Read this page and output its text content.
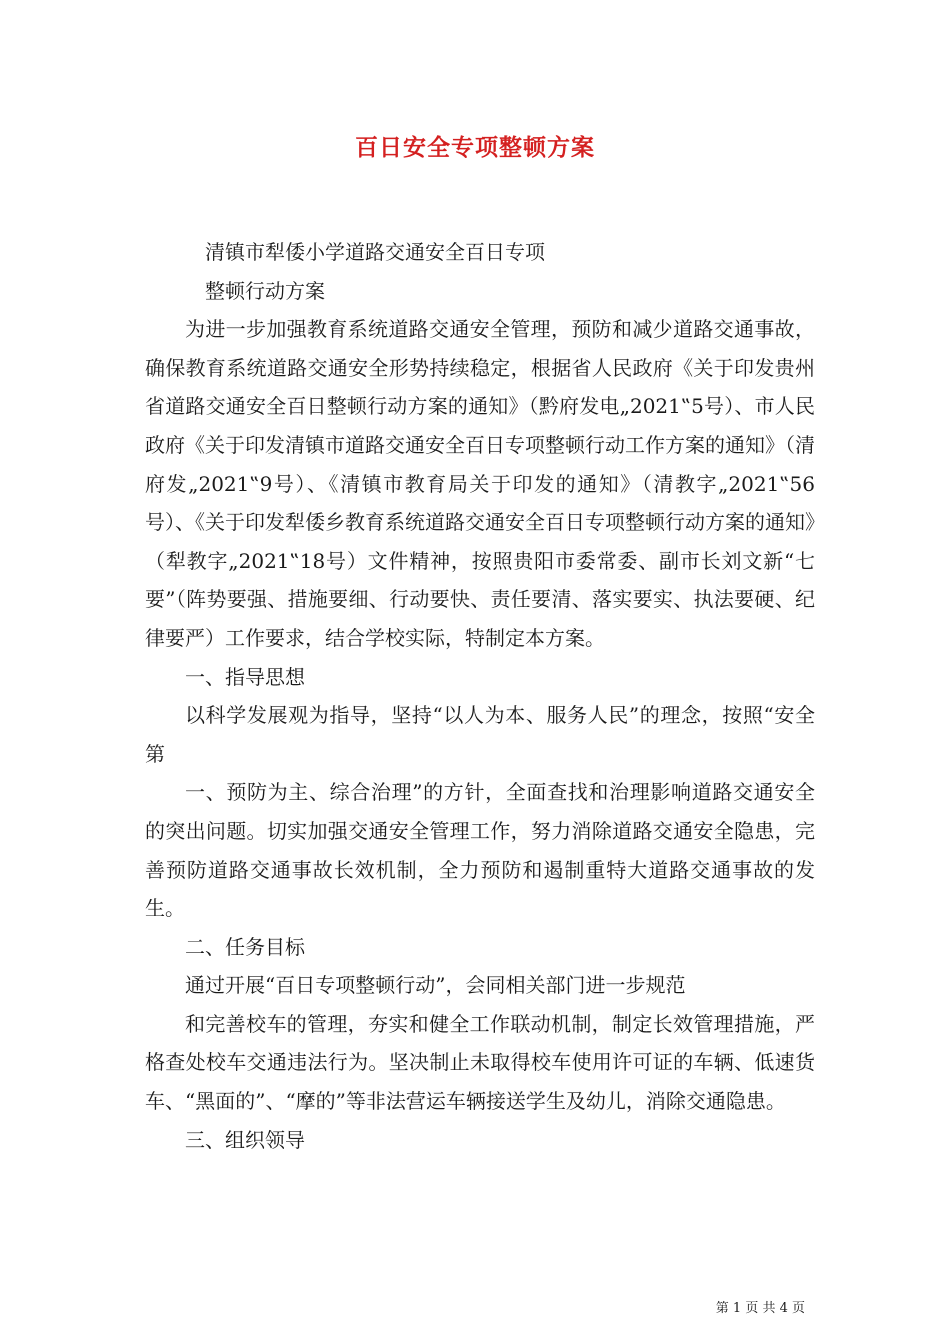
百日安全专项整顿方案

清镇市犁倭小学道路交通安全百日专项

整顿行动方案

为进一步加强教育系统道路交通安全管理，预防和减少道路交通事故，确保教育系统道路交通安全形势持续稳定，根据省人民政府《关于印发贵州省道路交通安全百日整顿行动方案的通知》（黔府发电„2021‟5号）、市人民政府《关于印发清镇市道路交通安全百日专项整顿行动工作方案的通知》（清府发„2021‟9号）、《清镇市教育局关于印发的通知》（清教字„2021‟56号）、《关于印发犁倭乡教育系统道路交通安全百日专项整顿行动方案的通知》（犁教字„2021‟18号）文件精神，按照贵阳市委常委、副市长刘文新“七要”（阵势要强、措施要细、行动要快、责任要清、落实要实、执法要硬、纪律要严）工作要求，结合学校实际，特制定本方案。

一、指导思想

以科学发展观为指导，坚持“以人为本、服务人民”的理念，按照“安全第

一、预防为主、综合治理”的方针，全面查找和治理影响道路交通安全的突出问题。切实加强交通安全管理工作，努力消除道路交通安全隐患，完善预防道路交通事故长效机制，全力预防和遏制重特大道路交通事故的发生。

二、任务目标

通过开展“百日专项整顿行动”，会同相关部门进一步规范

和完善校车的管理，夯实和健全工作联动机制，制定长效管理措施，严格查处校车交通违法行为。坚决制止未取得校车使用许可证的车辆、低速货车、“黑面的”、“摩的”等非法营运车辆接送学生及幼儿，消除交通隐患。

三、组织领导

第 1 页 共 4 页
